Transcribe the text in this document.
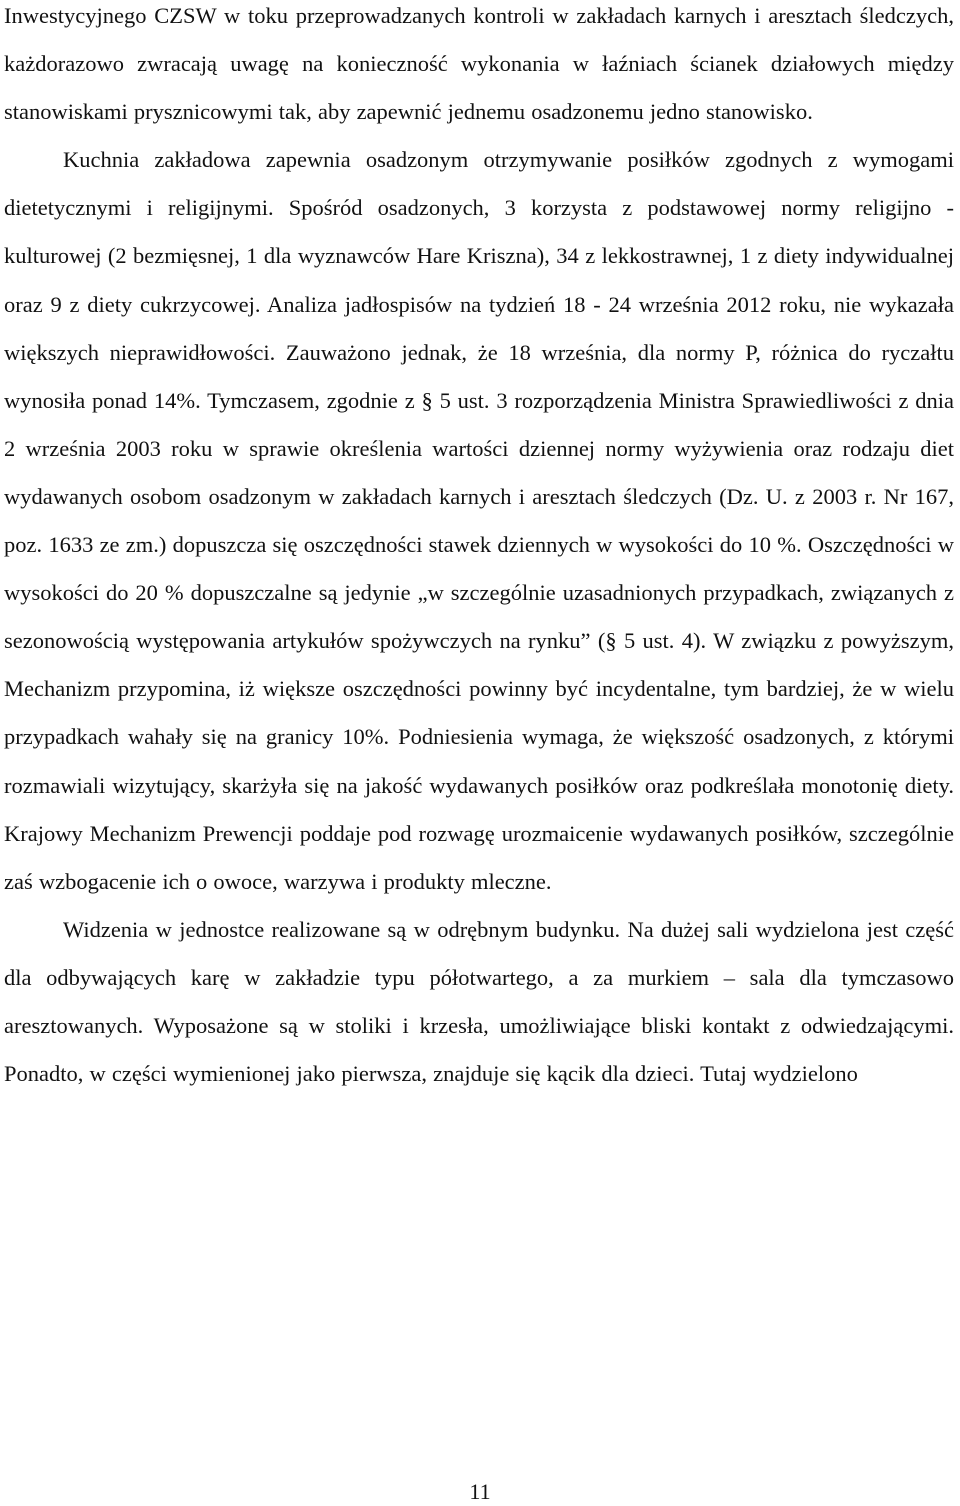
Inwestycyjnego CZSW w toku przeprowadzanych kontroli w zakładach karnych i aresztach śledczych, każdorazowo zwracają uwagę na konieczność wykonania w łaźniach ścianek działowych między stanowiskami prysznicowymi tak, aby zapewnić jednemu osadzonemu jedno stanowisko.

Kuchnia zakładowa zapewnia osadzonym otrzymywanie posiłków zgodnych z wymogami dietetycznymi i religijnymi. Spośród osadzonych, 3 korzysta z podstawowej normy religijno - kulturowej (2 bezmięsnej, 1 dla wyznawców Hare Kriszna), 34 z lekkostrawnej, 1 z diety indywidualnej oraz 9 z diety cukrzycowej. Analiza jadłospisów na tydzień 18 - 24 września 2012 roku, nie wykazała większych nieprawidłowości. Zauważono jednak, że 18 września, dla normy P, różnica do ryczałtu wynosiła ponad 14%. Tymczasem, zgodnie z § 5 ust. 3 rozporządzenia Ministra Sprawiedliwości z dnia 2 września 2003 roku w sprawie określenia wartości dziennej normy wyżywienia oraz rodzaju diet wydawanych osobom osadzonym w zakładach karnych i aresztach śledczych (Dz. U. z 2003 r. Nr 167, poz. 1633 ze zm.) dopuszcza się oszczędności stawek dziennych w wysokości do 10 %. Oszczędności w wysokości do 20 % dopuszczalne są jedynie „w szczególnie uzasadnionych przypadkach, związanych z sezonowością występowania artykułów spożywczych na rynku” (§ 5 ust. 4). W związku z powyższym, Mechanizm przypomina, iż większe oszczędności powinny być incydentalne, tym bardziej, że w wielu przypadkach wahały się na granicy 10%. Podniesienia wymaga, że większość osadzonych, z którymi rozmawiali wizytujący, skarżyła się na jakość wydawanych posiłków oraz podkreślała monotonię diety. Krajowy Mechanizm Prewencji poddaje pod rozwagę urozmaicenie wydawanych posiłków, szczególnie zaś wzbogacenie ich o owoce, warzywa i produkty mleczne.

Widzenia w jednostce realizowane są w odrębnym budynku. Na dużej sali wydzielona jest część dla odbywających karę w zakładzie typu półotwartego, a za murkiem – sala dla tymczasowo aresztowanych. Wyposażone są w stoliki i krzesła, umożliwiające bliski kontakt z odwiedzającymi. Ponadto, w części wymienionej jako pierwsza, znajduje się kącik dla dzieci. Tutaj wydzielono

11
